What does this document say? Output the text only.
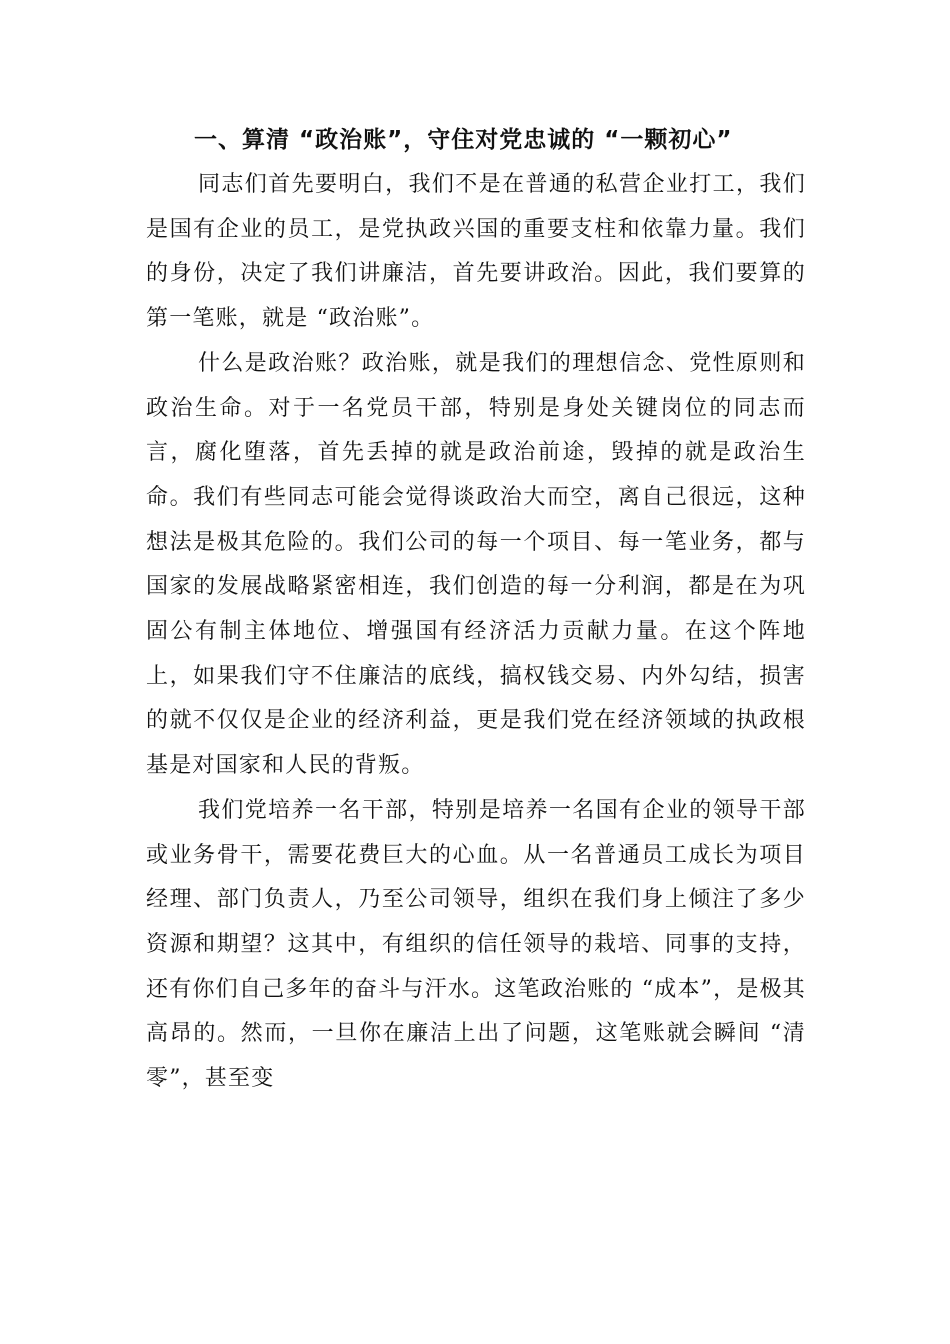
一、算清 “政治账”，守住对党忠诚的 “一颗初心”

同志们首先要明白，我们不是在普通的私营企业打工，我们是国有企业的员工，是党执政兴国的重要支柱和依靠力量。我们的身份，决定了我们讲廉洁，首先要讲政治。因此，我们要算的第一笔账，就是 “政治账”。

什么是政治账？政治账，就是我们的理想信念、党性原则和政治生命。对于一名党员干部，特别是身处关键岗位的同志而言，腐化堕落，首先丢掉的就是政治前途，毁掉的就是政治生命。我们有些同志可能会觉得谈政治大而空，离自己很远，这种想法是极其危险的。我们公司的每一个项目、每一笔业务，都与国家的发展战略紧密相连，我们创造的每一分利润，都是在为巩固公有制主体地位、增强国有经济活力贡献力量。在这个阵地上，如果我们守不住廉洁的底线，搞权钱交易、内外勾结，损害的就不仅仅是企业的经济利益，更是我们党在经济领域的执政根基是对国家和人民的背叛。

我们党培养一名干部，特别是培养一名国有企业的领导干部或业务骨干，需要花费巨大的心血。从一名普通员工成长为项目经理、部门负责人，乃至公司领导，组织在我们身上倾注了多少资源和期望？这其中，有组织的信任领导的栽培、同事的支持，还有你们自己多年的奋斗与汗水。这笔政治账的 “成本”，是极其高昂的。然而，一旦你在廉洁上出了问题，这笔账就会瞬间 “清零”，甚至变
